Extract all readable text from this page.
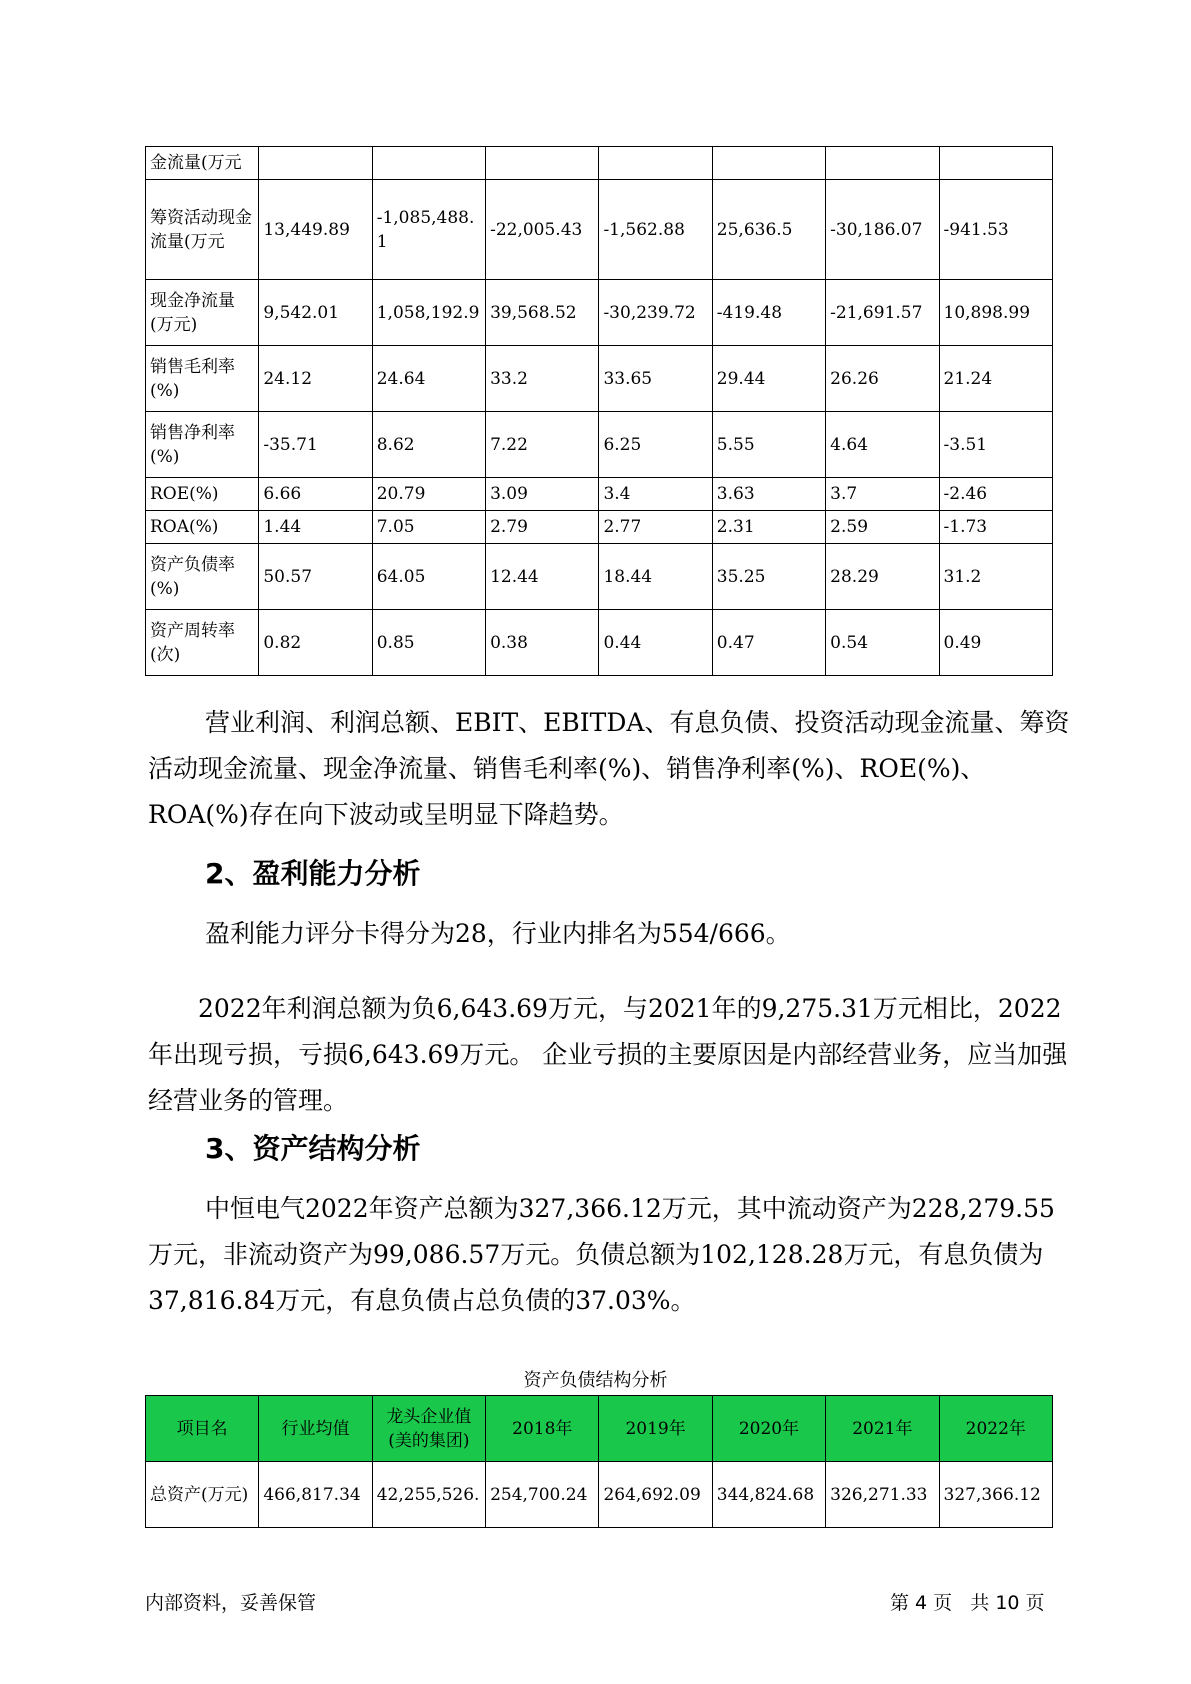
金流量(万元							
筹资活动现金流量(万元	13,449.89	-1,085,488.1	-22,005.43	-1,562.88	25,636.5	-30,186.07	-941.53
现金净流量(万元)	9,542.01	1,058,192.9	39,568.52	-30,239.72	-419.48	-21,691.57	10,898.99
销售毛利率(%)	24.12	24.64	33.2	33.65	29.44	26.26	21.24
销售净利率(%)	-35.71	8.62	7.22	6.25	5.55	4.64	-3.51
ROE(%)	6.66	20.79	3.09	3.4	3.63	3.7	-2.46
ROA(%)	1.44	7.05	2.79	2.77	2.31	2.59	-1.73
资产负债率(%)	50.57	64.05	12.44	18.44	35.25	28.29	31.2
资产周转率(次)	0.82	0.85	0.38	0.44	0.47	0.54	0.49

营业利润、利润总额、EBIT、EBITDA、有息负债、投资活动现金流量、筹资活动现金流量、现金净流量、销售毛利率(%)、销售净利率(%)、ROE(%)、ROA(%)存在向下波动或呈明显下降趋势。

2、盈利能力分析

盈利能力评分卡得分为28，行业内排名为554/666。

2022年利润总额为负6,643.69万元，与2021年的9,275.31万元相比，2022年出现亏损，亏损6,643.69万元。 企业亏损的主要原因是内部经营业务，应当加强经营业务的管理。

3、资产结构分析

中恒电气2022年资产总额为327,366.12万元，其中流动资产为228,279.55万元，非流动资产为99,086.57万元。负债总额为102,128.28万元，有息负债为37,816.84万元，有息负债占总负债的37.03%。

资产负债结构分析
项目名	行业均值	龙头企业值(美的集团)	2018年	2019年	2020年	2021年	2022年
总资产(万元)	466,817.34	42,255,526.	254,700.24	264,692.09	344,824.68	326,271.33	327,366.12
内部资料，妥善保管	第 4 页   共 10 页
